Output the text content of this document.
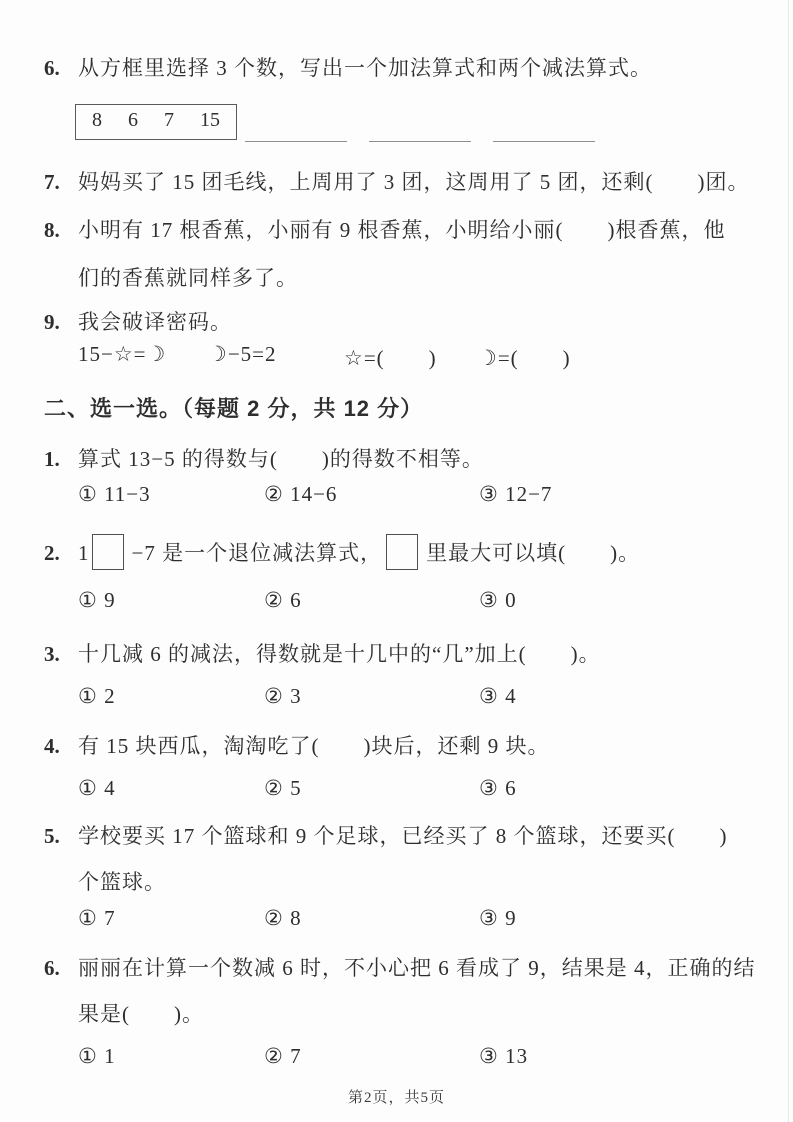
6. 从方框里选择 3 个数，写出一个加法算式和两个减法算式。
8 6 7 15
7. 妈妈买了 15 团毛线，上周用了 3 团，这周用了 5 团，还剩(　　)团。
8. 小明有 17 根香蕉，小丽有 9 根香蕉，小明给小丽(　　)根香蕉，他
们的香蕉就同样多了。
9. 我会破译密码。
15−☆=☽ ☽−5=2	☆=(　　) ☽=(　　)
二、选一选。（每题 2 分，共 12 分）
1. 算式 13−5 的得数与(　　)的得数不相等。
① 11−3	② 14−6	③ 12−7
2. 1 −7 是一个退位减法算式， 里最大可以填(　　)。
① 9	② 6	③ 0
3. 十几减 6 的减法，得数就是十几中的“几”加上(　　)。
① 2	② 3	③ 4
4. 有 15 块西瓜，淘淘吃了(　　)块后，还剩 9 块。
① 4	② 5	③ 6
5. 学校要买 17 个篮球和 9 个足球，已经买了 8 个篮球，还要买(　　)
个篮球。
① 7	② 8	③ 9
6. 丽丽在计算一个数减 6 时，不小心把 6 看成了 9，结果是 4，正确的结
果是(　　)。
① 1	② 7	③ 13
第2页，共5页
